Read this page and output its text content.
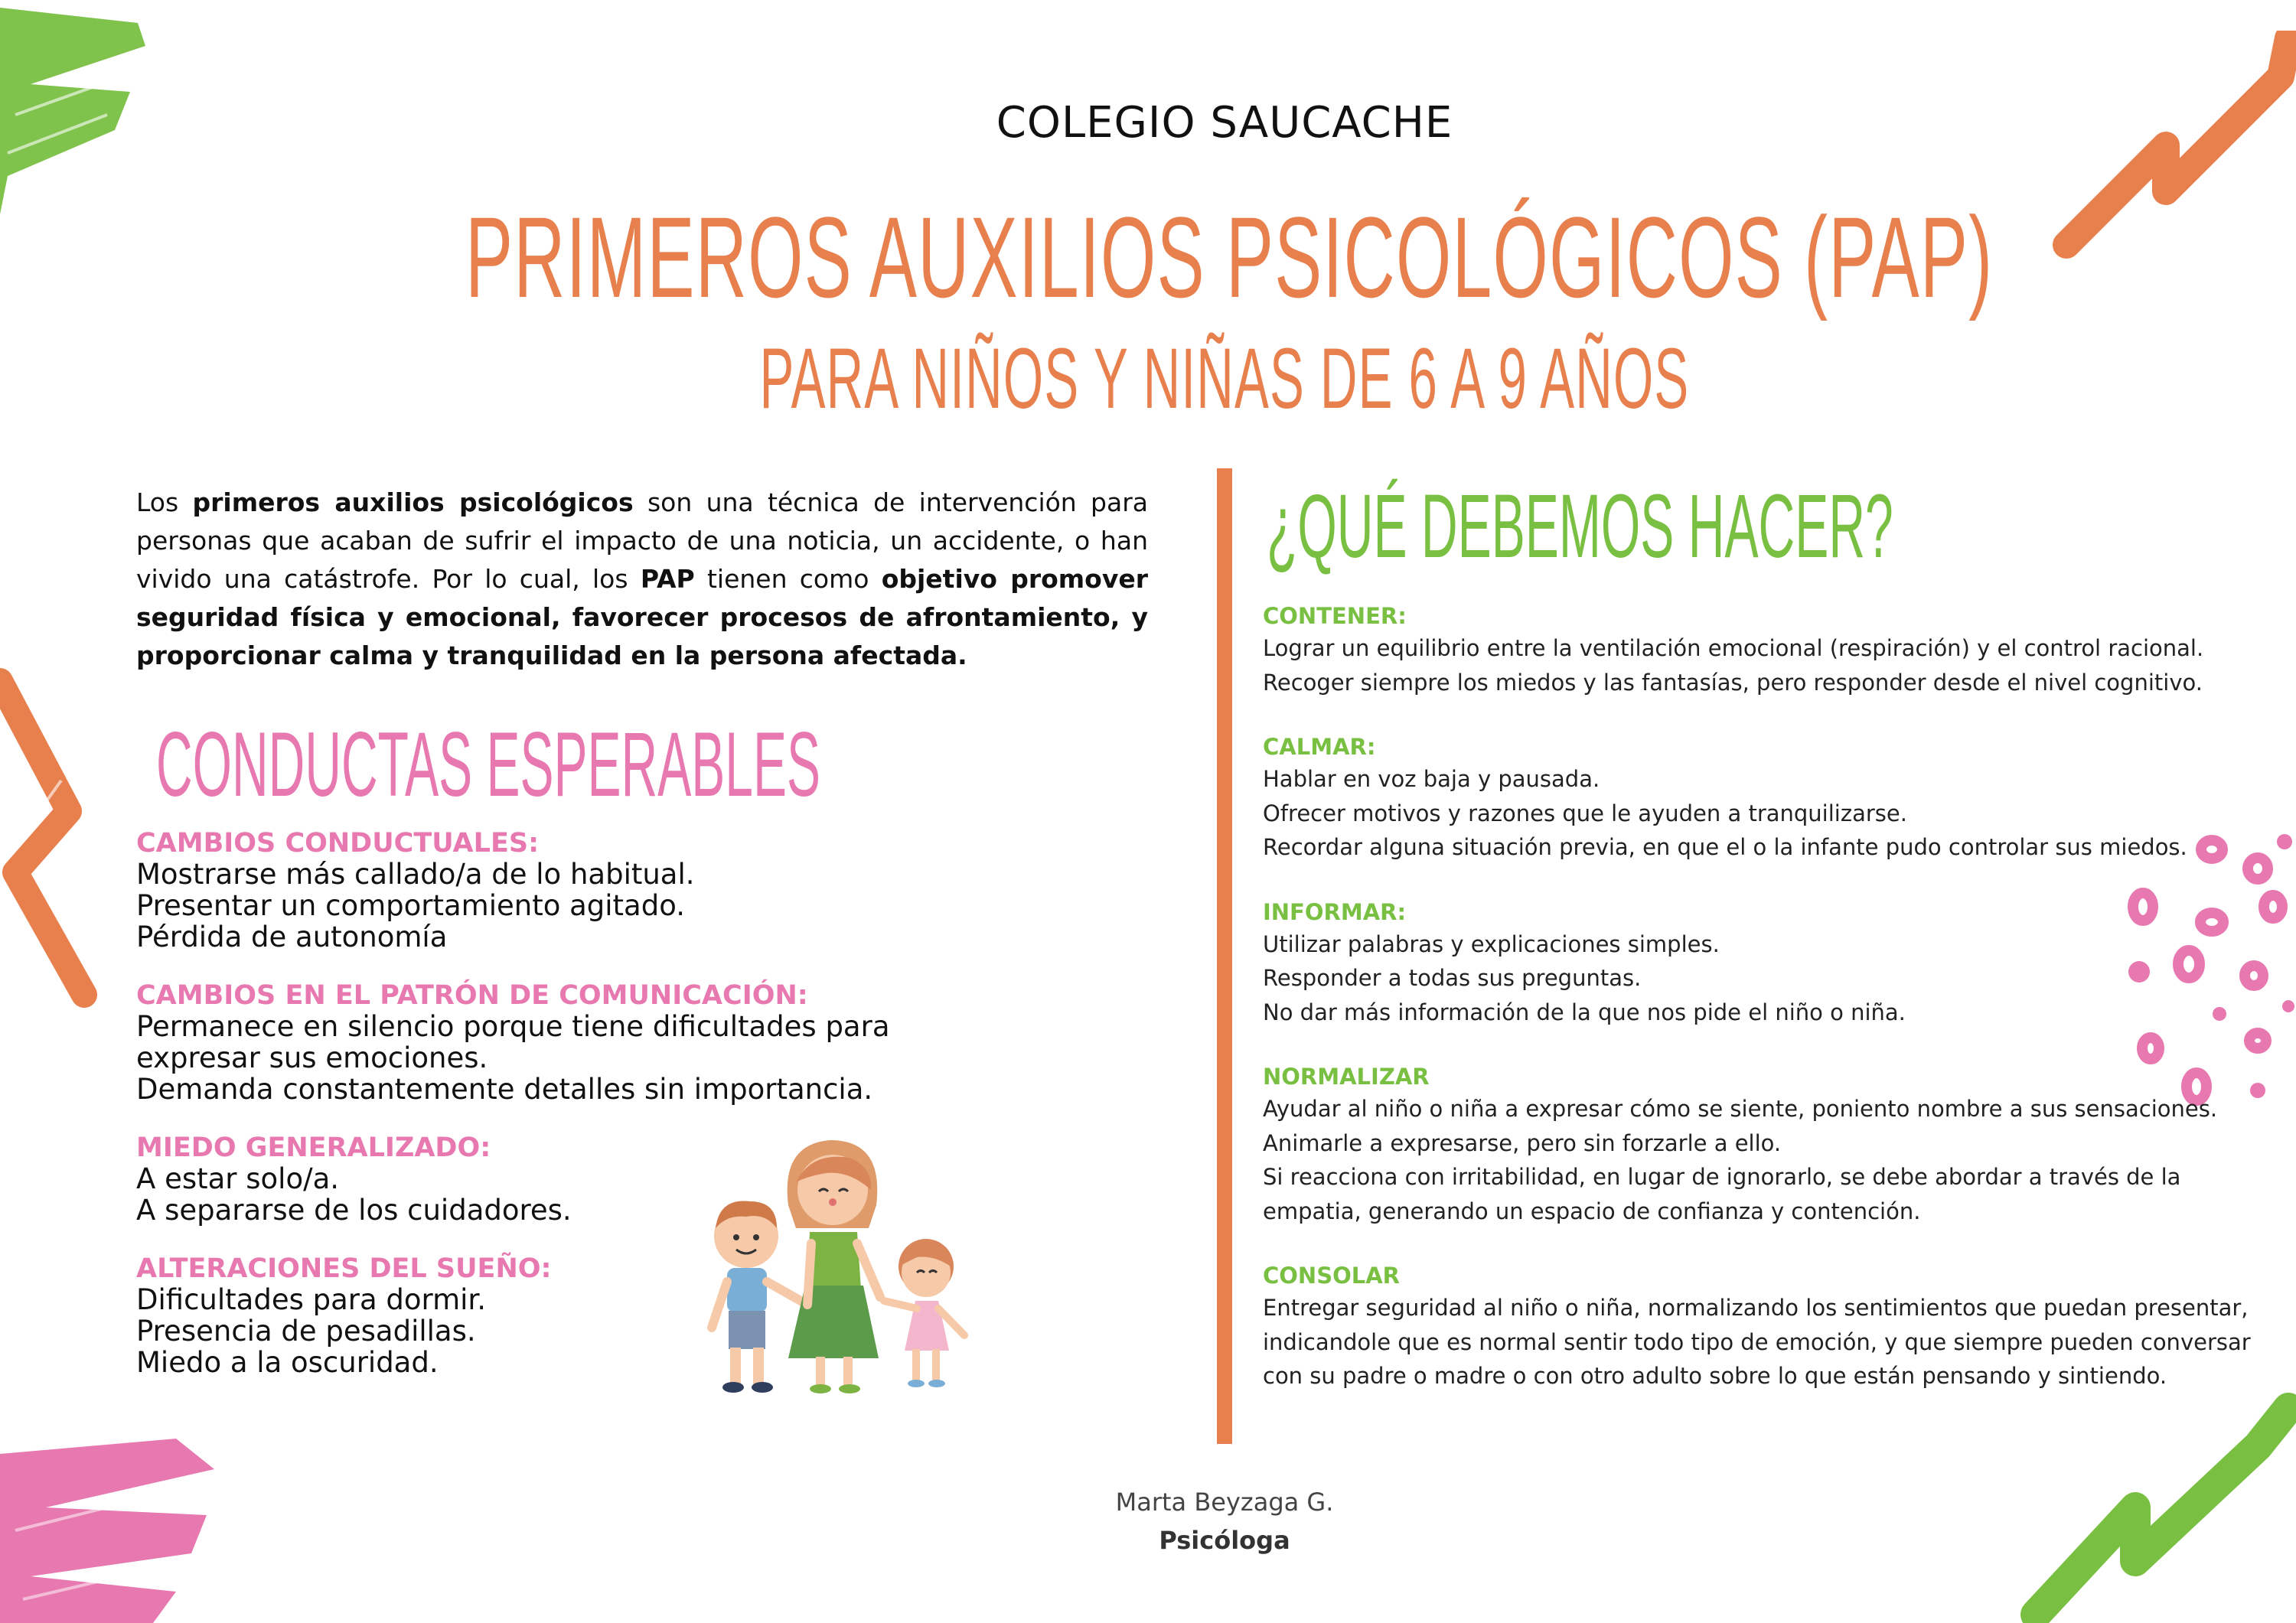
COLEGIO SAUCACHE
PRIMEROS AUXILIOS PSICOLÓGICOS (PAP)
PARA NIÑOS Y NIÑAS DE 6 A 9 AÑOS
Los primeros auxilios psicológicos son una técnica de intervención para personas que acaban de sufrir el impacto de una noticia, un accidente, o han vivido una catástrofe. Por lo cual, los PAP tienen como objetivo promover seguridad física y emocional, favorecer procesos de afrontamiento, y proporcionar calma y tranquilidad en la persona afectada.
CONDUCTAS ESPERABLES
CAMBIOS CONDUCTUALES:
Mostrarse más callado/a de lo habitual.
Presentar un comportamiento agitado.
Pérdida de autonomía
CAMBIOS EN EL PATRÓN DE COMUNICACIÓN:
Permanece en silencio porque tiene dificultades para
expresar sus emociones.
Demanda constantemente detalles sin importancia.
MIEDO GENERALIZADO:
A estar solo/a.
A separarse de los cuidadores.
ALTERACIONES DEL SUEÑO:
Dificultades para dormir.
Presencia de pesadillas.
Miedo a la oscuridad.
¿QUÉ DEBEMOS HACER?
CONTENER:
Lograr un equilibrio entre la ventilación emocional (respiración) y el control racional.
Recoger siempre los miedos y las fantasías, pero responder desde el nivel cognitivo.
CALMAR:
Hablar en voz baja y pausada.
Ofrecer motivos y razones que le ayuden a tranquilizarse.
Recordar alguna situación previa, en que el o la infante pudo controlar sus miedos.
INFORMAR:
Utilizar palabras y explicaciones simples.
Responder a todas sus preguntas.
No dar más información de la que nos pide el niño o niña.
NORMALIZAR
Ayudar al niño o niña a expresar cómo se siente, poniento nombre a sus sensaciones.
Animarle a expresarse, pero sin forzarle a ello.
Si reacciona con irritabilidad, en lugar de ignorarlo, se debe abordar a través de la
empatia, generando un espacio de confianza y contención.
CONSOLAR
Entregar seguridad al niño o niña, normalizando los sentimientos que puedan presentar,
indicandole que es normal sentir todo tipo de emoción, y que siempre pueden conversar
con su padre o madre o con otro adulto sobre lo que están pensando y sintiendo.
Marta Beyzaga G.
Psicóloga
